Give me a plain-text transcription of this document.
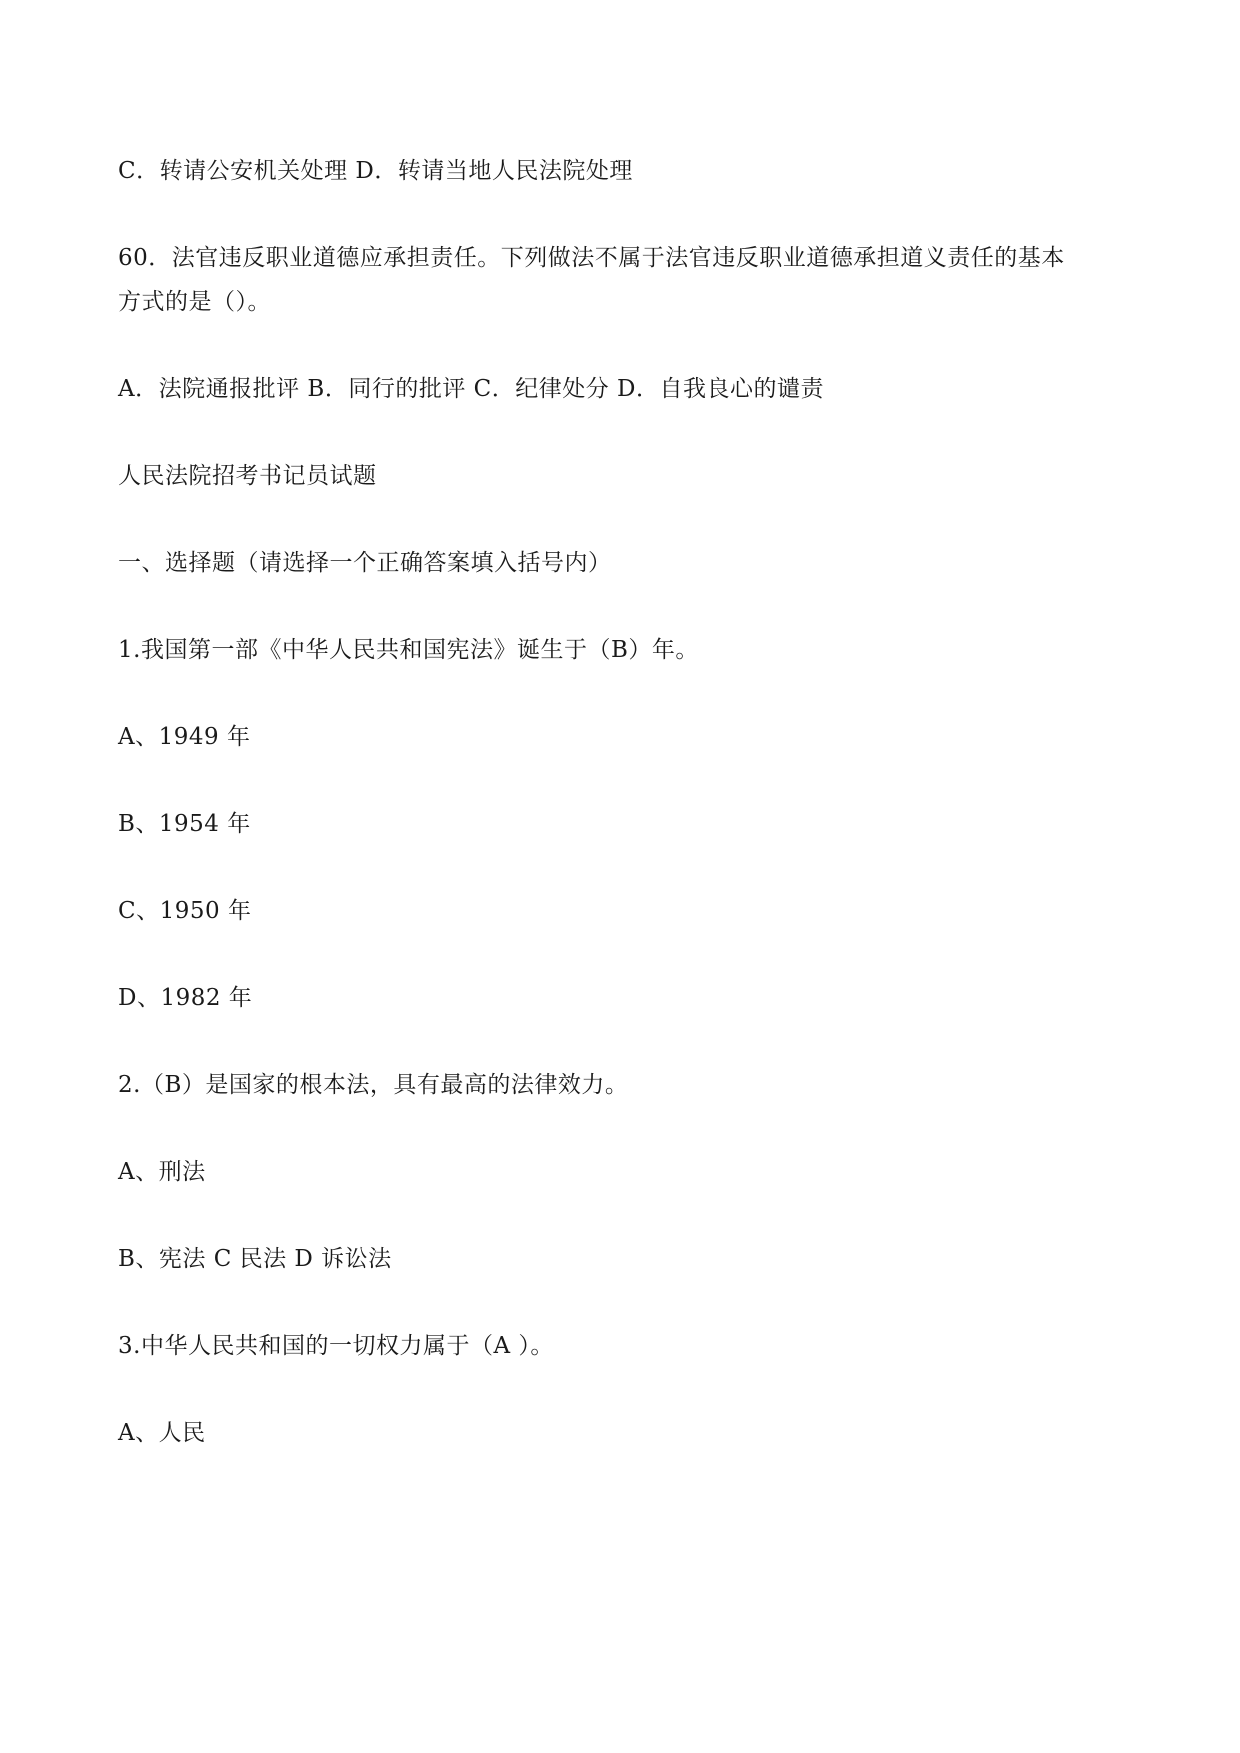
C．转请公安机关处理 D．转请当地人民法院处理
60．法官违反职业道德应承担责任。下列做法不属于法官违反职业道德承担道义责任的基本
方式的是（）。
A．法院通报批评 B．同行的批评 C．纪律处分 D．自我良心的谴责
人民法院招考书记员试题
一、选择题（请选择一个正确答案填入括号内）
1.我国第一部《中华人民共和国宪法》诞生于（B）年。
A、1949 年
B、1954 年
C、1950 年
D、1982 年
2.（B）是国家的根本法，具有最高的法律效力。
A、刑法
B、宪法 C 民法 D 诉讼法
3.中华人民共和国的一切权力属于（A ）。
A、人民
